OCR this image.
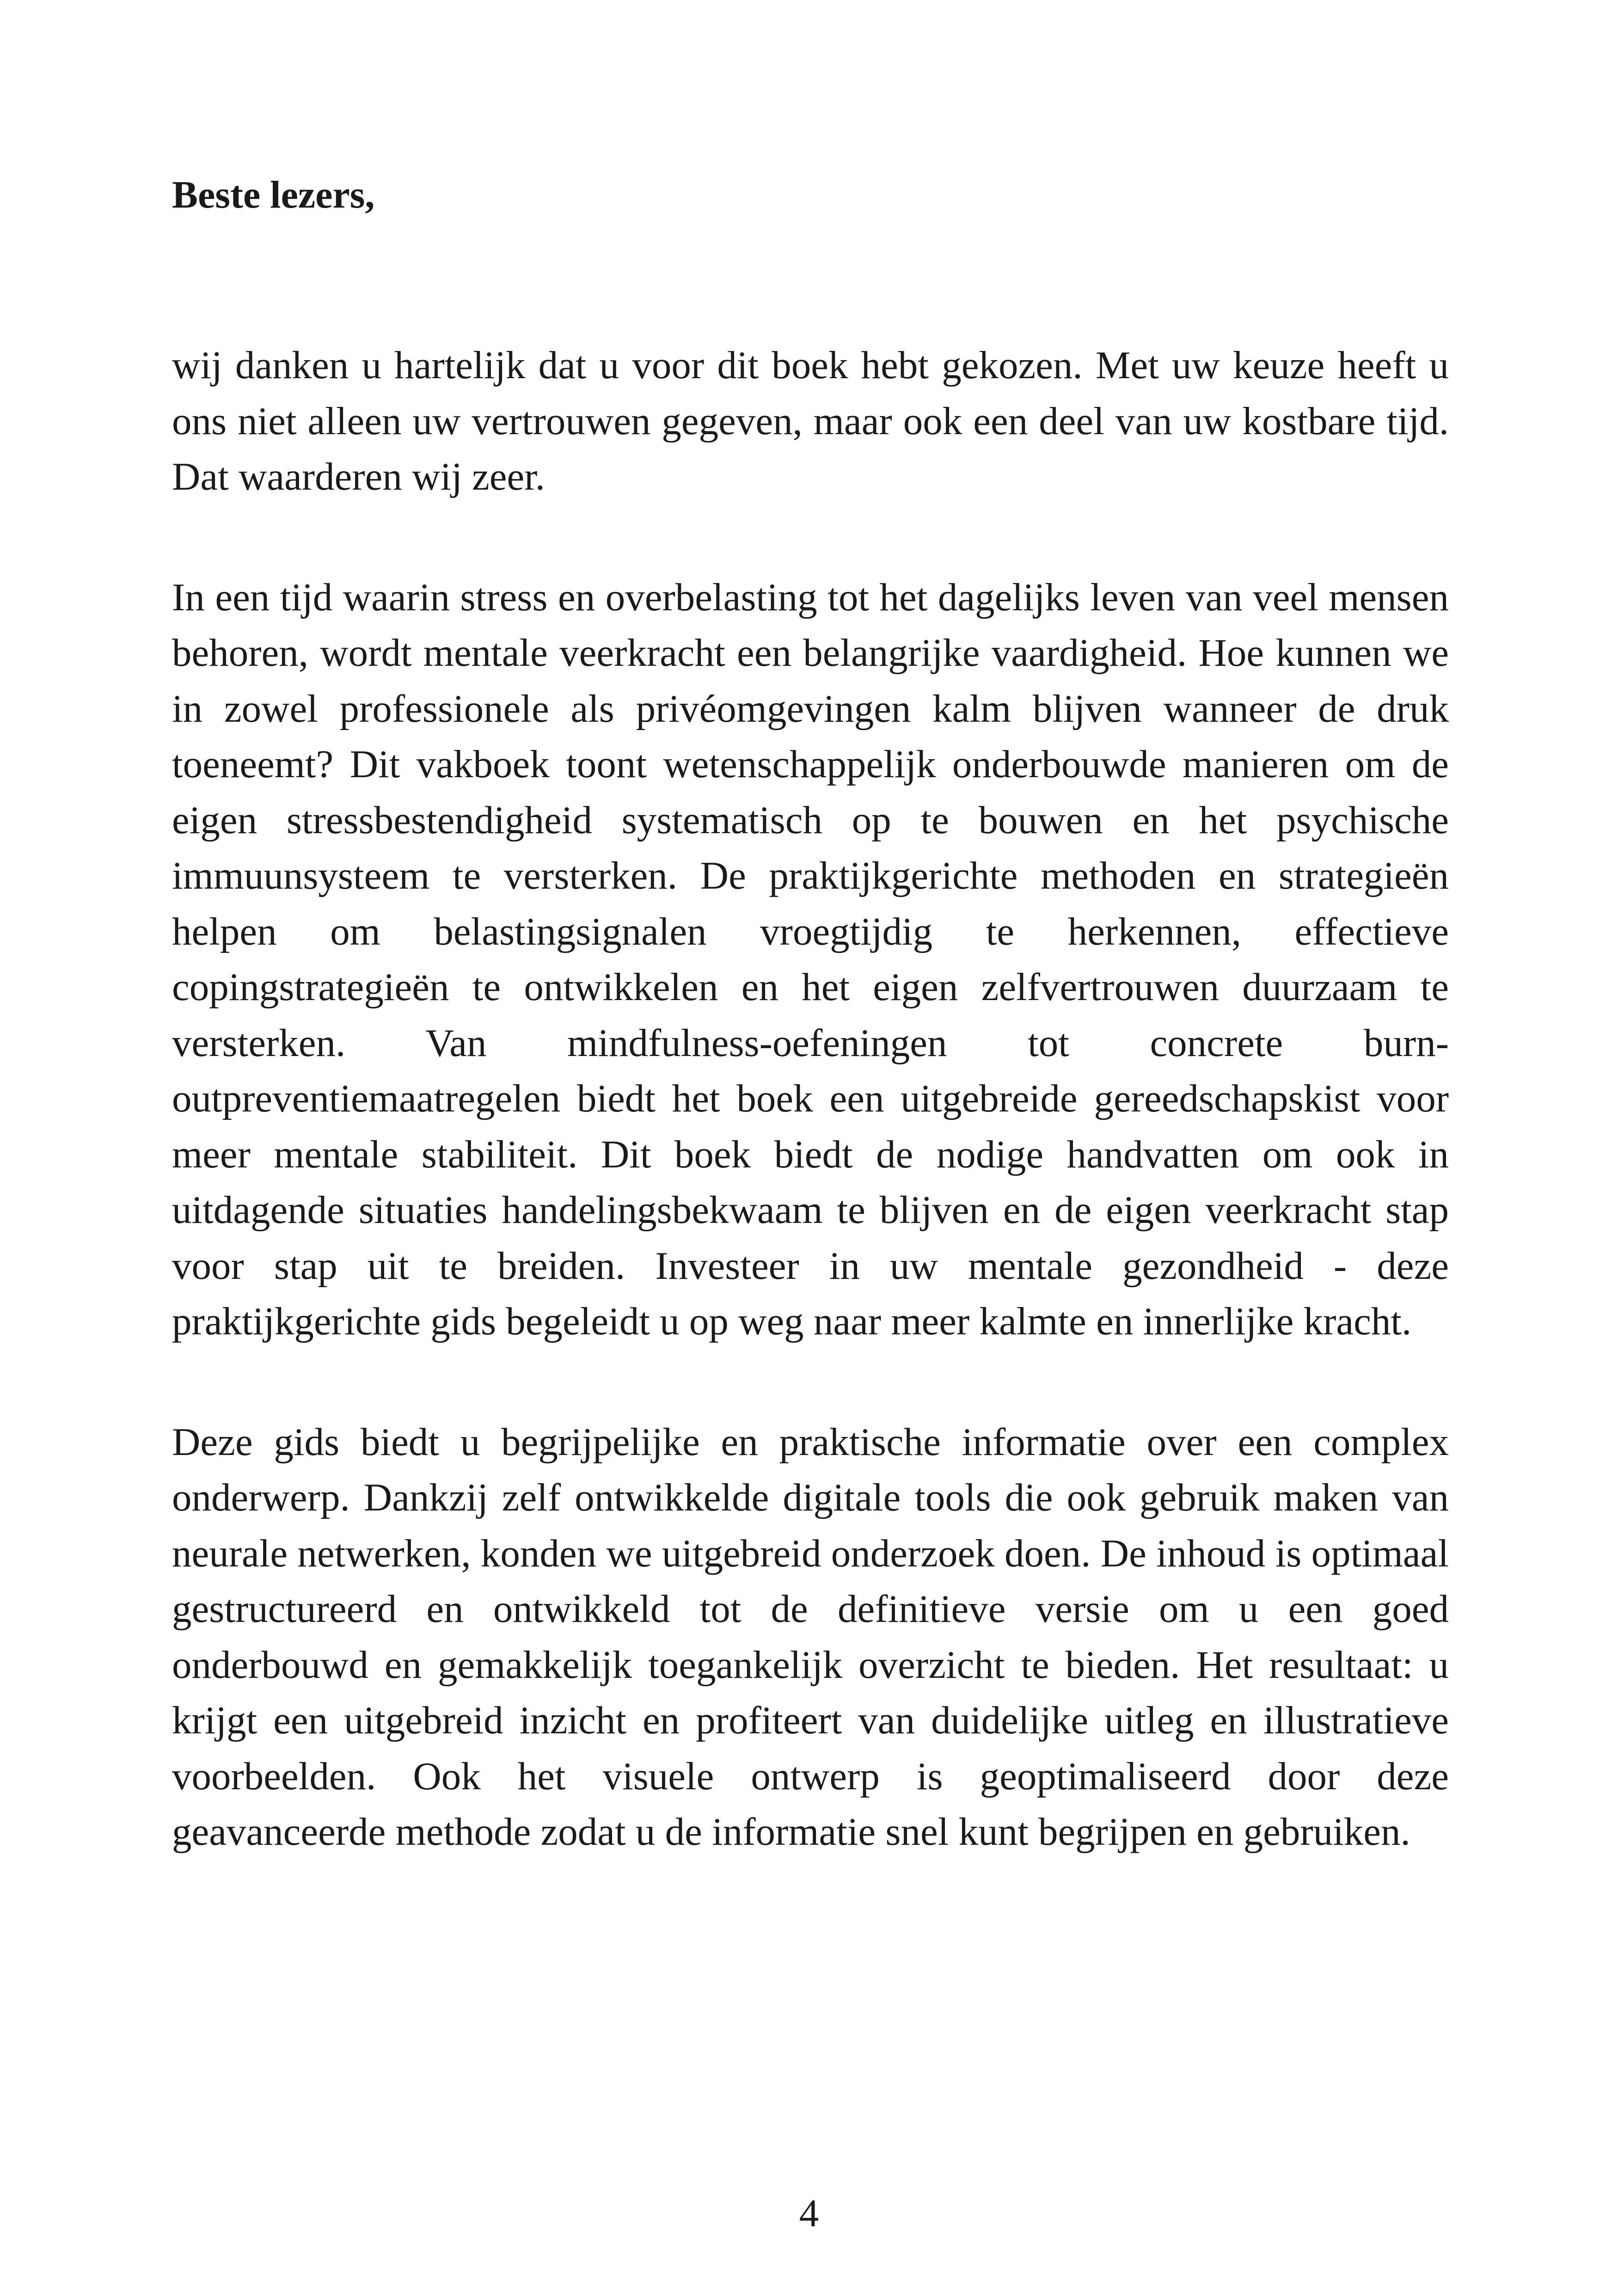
Beste lezers,

wij danken u hartelijk dat u voor dit boek hebt gekozen. Met uw keuze heeft u ons niet alleen uw vertrouwen gegeven, maar ook een deel van uw kostbare tijd. Dat waarderen wij zeer.

In een tijd waarin stress en overbelasting tot het dagelijks leven van veel mensen behoren, wordt mentale veerkracht een belangrijke vaardigheid. Hoe kunnen we in zowel professionele als privéomgevingen kalm blijven wanneer de druk toeneemt? Dit vakboek toont wetenschappelijk onderbouwde manieren om de eigen stressbestendigheid systematisch op te bouwen en het psychische immuunsysteem te versterken. De praktijkgerichte methoden en strategieën helpen om belastingsignalen vroegtijdig te herkennen, effectieve copingstrategieën te ontwikkelen en het eigen zelfvertrouwen duurzaam te versterken. Van mindfulness-oefeningen tot concrete burn-outpreventiemaatregelen biedt het boek een uitgebreide gereedschapskist voor meer mentale stabiliteit. Dit boek biedt de nodige handvatten om ook in uitdagende situaties handelingsbekwaam te blijven en de eigen veerkracht stap voor stap uit te breiden. Investeer in uw mentale gezondheid - deze praktijkgerichte gids begeleidt u op weg naar meer kalmte en innerlijke kracht.

Deze gids biedt u begrijpelijke en praktische informatie over een complex onderwerp. Dankzij zelf ontwikkelde digitale tools die ook gebruik maken van neurale netwerken, konden we uitgebreid onderzoek doen. De inhoud is optimaal gestructureerd en ontwikkeld tot de definitieve versie om u een goed onderbouwd en gemakkelijk toegankelijk overzicht te bieden. Het resultaat: u krijgt een uitgebreid inzicht en profiteert van duidelijke uitleg en illustratieve voorbeelden. Ook het visuele ontwerp is geoptimaliseerd door deze geavanceerde methode zodat u de informatie snel kunt begrijpen en gebruiken.

4
